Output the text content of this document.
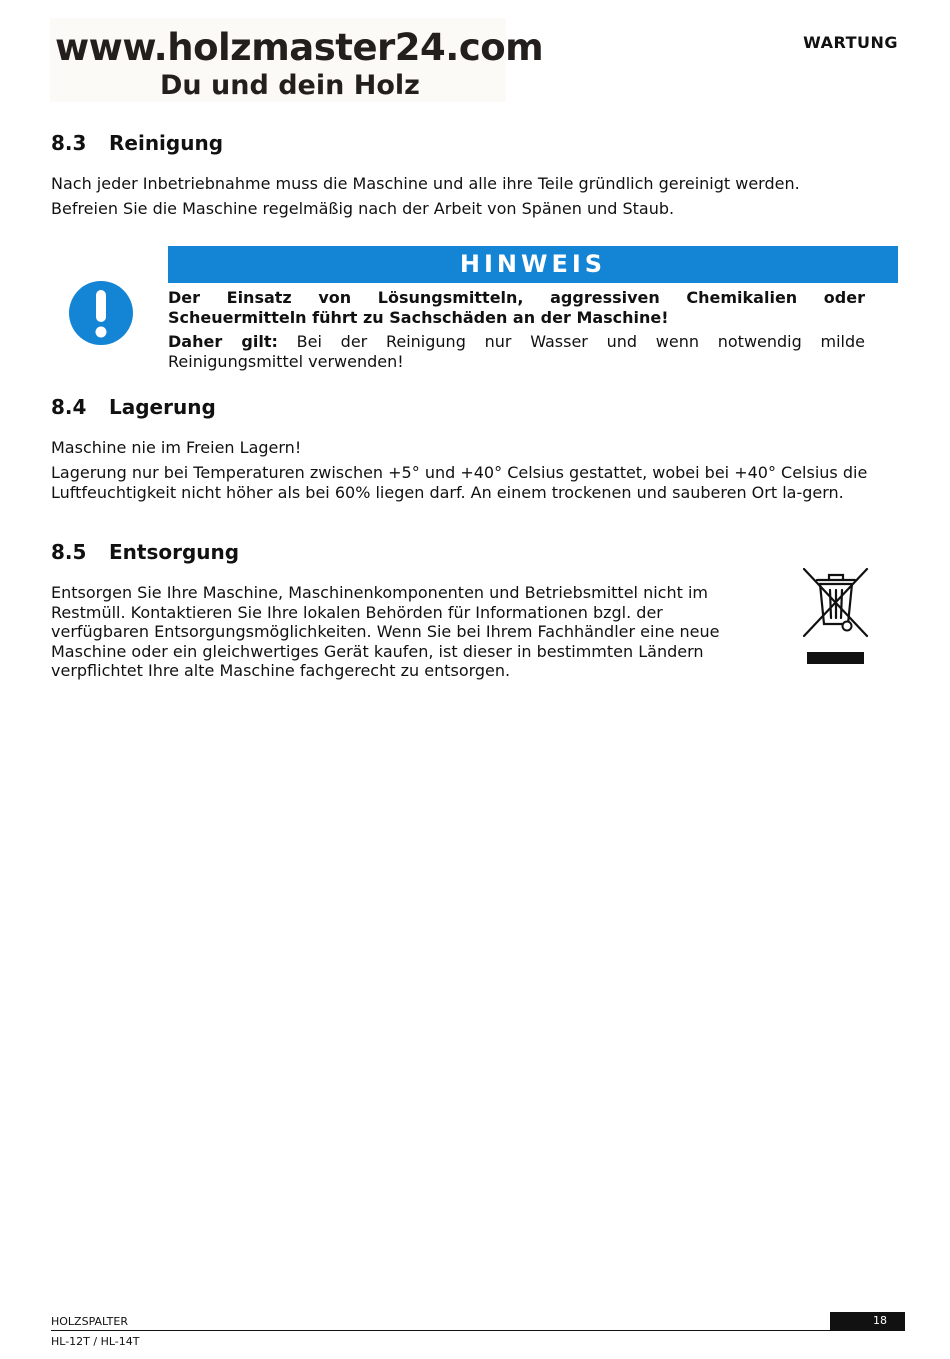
www.holzmaster24.com
Du und dein Holz
WARTUNG
8.3 Reinigung

Nach jeder Inbetriebnahme muss die Maschine und alle ihre Teile gründlich gereinigt werden.

Befreien Sie die Maschine regelmäßig nach der Arbeit von Spänen und Staub.

HINWEIS

Der Einsatz von Lösungsmitteln, aggressiven Chemikalien oder Scheuermitteln führt zu Sachschäden an der Maschine!

Daher gilt: Bei der Reinigung nur Wasser und wenn notwendig milde Reinigungsmittel verwenden!

8.4 Lagerung

Maschine nie im Freien Lagern!

Lagerung nur bei Temperaturen zwischen +5° und +40° Celsius gestattet, wobei bei +40° Celsius die Luftfeuchtigkeit nicht höher als bei 60% liegen darf. An einem trockenen und sauberen Ort la-gern.

8.5 Entsorgung

Entsorgen Sie Ihre Maschine, Maschinenkomponenten und Betriebsmittel nicht im Restmüll. Kontaktieren Sie Ihre lokalen Behörden für Informationen bzgl. der verfügbaren Entsorgungsmöglichkeiten. Wenn Sie bei Ihrem Fachhändler eine neue Maschine oder ein gleichwertiges Gerät kaufen, ist dieser in bestimmten Ländern verpflichtet Ihre alte Maschine fachgerecht zu entsorgen.

HOLZSPALTER	18
HL-12T / HL-14T
